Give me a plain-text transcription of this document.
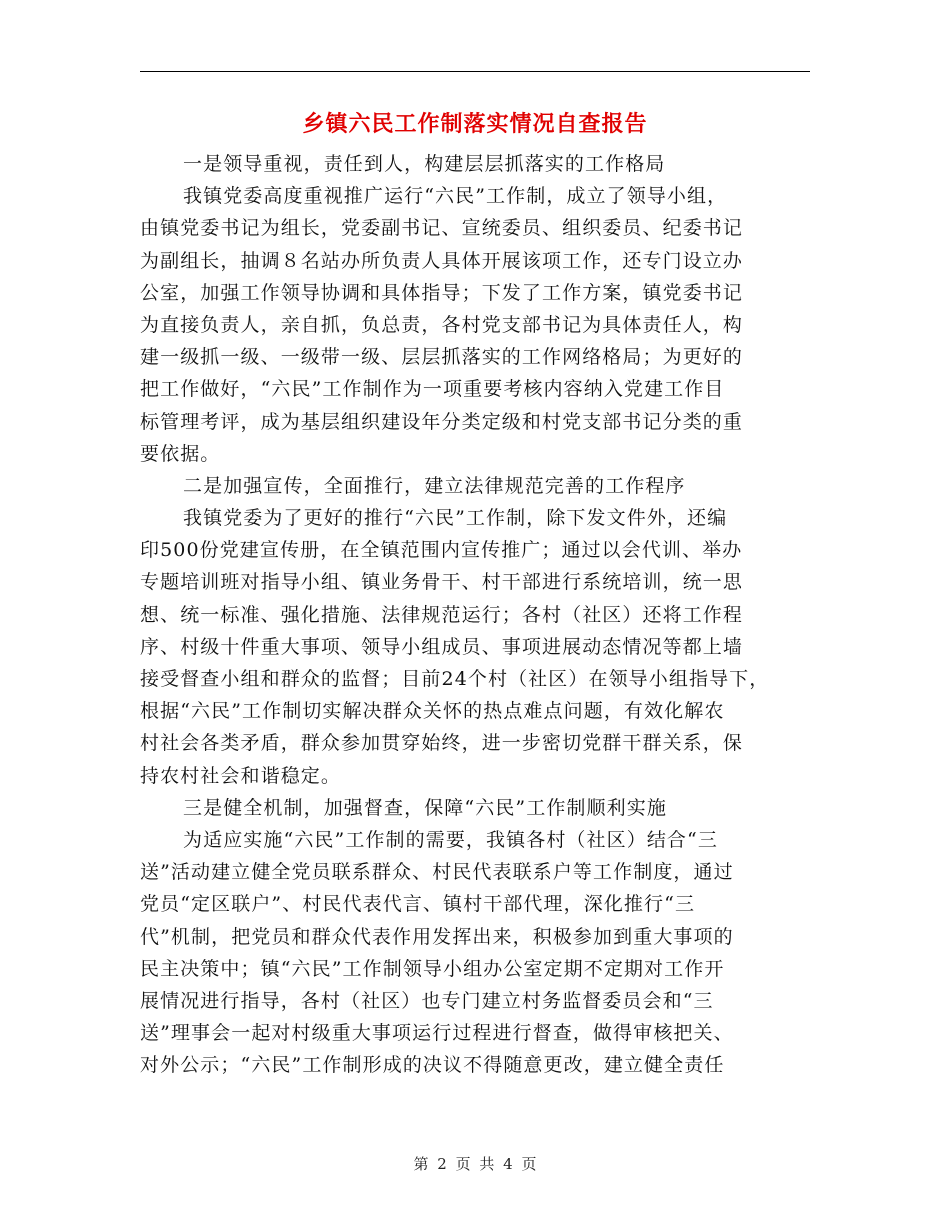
乡镇六民工作制落实情况自查报告
一是领导重视，责任到人，构建层层抓落实的工作格局
我镇党委高度重视推广运行“六民”工作制，成立了领导小组，
由镇党委书记为组长，党委副书记、宣统委员、组织委员、纪委书记
为副组长，抽调８名站办所负责人具体开展该项工作，还专门设立办
公室，加强工作领导协调和具体指导；下发了工作方案，镇党委书记
为直接负责人，亲自抓，负总责，各村党支部书记为具体责任人，构
建一级抓一级、一级带一级、层层抓落实的工作网络格局；为更好的
把工作做好，“六民”工作制作为一项重要考核内容纳入党建工作目
标管理考评，成为基层组织建设年分类定级和村党支部书记分类的重
要依据。
二是加强宣传，全面推行，建立法律规范完善的工作程序
我镇党委为了更好的推行“六民”工作制，除下发文件外，还编
印500份党建宣传册，在全镇范围内宣传推广；通过以会代训、举办
专题培训班对指导小组、镇业务骨干、村干部进行系统培训，统一思
想、统一标准、强化措施、法律规范运行；各村（社区）还将工作程
序、村级十件重大事项、领导小组成员、事项进展动态情况等都上墙
接受督查小组和群众的监督；目前24个村（社区）在领导小组指导下，
根据“六民”工作制切实解决群众关怀的热点难点问题，有效化解农
村社会各类矛盾，群众参加贯穿始终，进一步密切党群干群关系，保
持农村社会和谐稳定。
三是健全机制，加强督查，保障“六民”工作制顺利实施
为适应实施“六民”工作制的需要，我镇各村（社区）结合“三
送”活动建立健全党员联系群众、村民代表联系户等工作制度，通过
党员“定区联户”、村民代表代言、镇村干部代理，深化推行“三
代”机制，把党员和群众代表作用发挥出来，积极参加到重大事项的
民主决策中；镇“六民”工作制领导小组办公室定期不定期对工作开
展情况进行指导，各村（社区）也专门建立村务监督委员会和“三
送”理事会一起对村级重大事项运行过程进行督查，做得审核把关、
对外公示；“六民”工作制形成的决议不得随意更改，建立健全责任
第 2 页 共 4 页
